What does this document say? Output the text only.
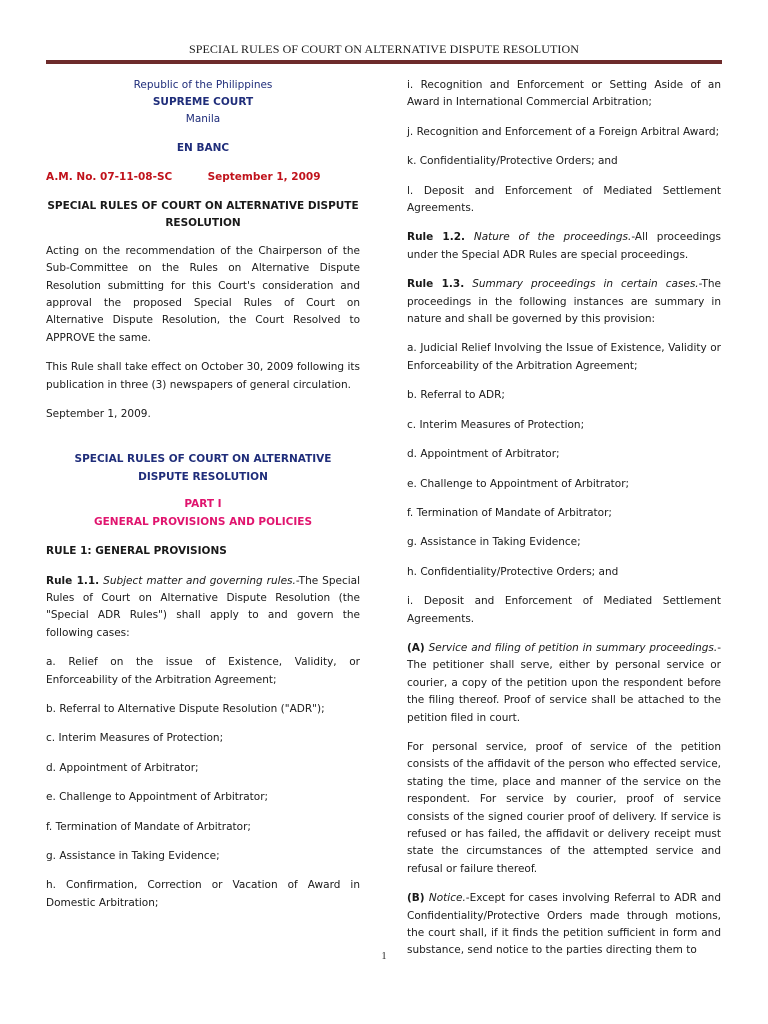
SPECIAL RULES OF COURT ON ALTERNATIVE DISPUTE RESOLUTION
Republic of the Philippines
SUPREME COURT
Manila
EN BANC
A.M. No. 07-11-08-SC	September 1, 2009
SPECIAL RULES OF COURT ON ALTERNATIVE DISPUTE RESOLUTION

Acting on the recommendation of the Chairperson of the Sub-Committee on the Rules on Alternative Dispute Resolution submitting for this Court's consideration and approval the proposed Special Rules of Court on Alternative Dispute Resolution, the Court Resolved to APPROVE the same.

This Rule shall take effect on October 30, 2009 following its publication in three (3) newspapers of general circulation.

September 1, 2009.

SPECIAL RULES OF COURT ON ALTERNATIVE DISPUTE RESOLUTION
PART I
GENERAL PROVISIONS AND POLICIES

RULE 1: GENERAL PROVISIONS

Rule 1.1. Subject matter and governing rules.-The Special Rules of Court on Alternative Dispute Resolution (the "Special ADR Rules") shall apply to and govern the following cases:

a. Relief on the issue of Existence, Validity, or Enforceability of the Arbitration Agreement;

b. Referral to Alternative Dispute Resolution ("ADR");

c. Interim Measures of Protection;

d. Appointment of Arbitrator;

e. Challenge to Appointment of Arbitrator;

f. Termination of Mandate of Arbitrator;

g. Assistance in Taking Evidence;

h. Confirmation, Correction or Vacation of Award in Domestic Arbitration;

i. Recognition and Enforcement or Setting Aside of an Award in International Commercial Arbitration;

j. Recognition and Enforcement of a Foreign Arbitral Award;

k. Confidentiality/Protective Orders; and

l. Deposit and Enforcement of Mediated Settlement Agreements.

Rule 1.2. Nature of the proceedings.-All proceedings under the Special ADR Rules are special proceedings.

Rule 1.3. Summary proceedings in certain cases.-The proceedings in the following instances are summary in nature and shall be governed by this provision:

a. Judicial Relief Involving the Issue of Existence, Validity or Enforceability of the Arbitration Agreement;

b. Referral to ADR;

c. Interim Measures of Protection;

d. Appointment of Arbitrator;

e. Challenge to Appointment of Arbitrator;

f. Termination of Mandate of Arbitrator;

g. Assistance in Taking Evidence;

h. Confidentiality/Protective Orders; and

i. Deposit and Enforcement of Mediated Settlement Agreements.

(A) Service and filing of petition in summary proceedings.-The petitioner shall serve, either by personal service or courier, a copy of the petition upon the respondent before the filing thereof. Proof of service shall be attached to the petition filed in court.

For personal service, proof of service of the petition consists of the affidavit of the person who effected service, stating the time, place and manner of the service on the respondent. For service by courier, proof of service consists of the signed courier proof of delivery. If service is refused or has failed, the affidavit or delivery receipt must state the circumstances of the attempted service and refusal or failure thereof.

(B) Notice.-Except for cases involving Referral to ADR and Confidentiality/Protective Orders made through motions, the court shall, if it finds the petition sufficient in form and substance, send notice to the parties directing them to

1
